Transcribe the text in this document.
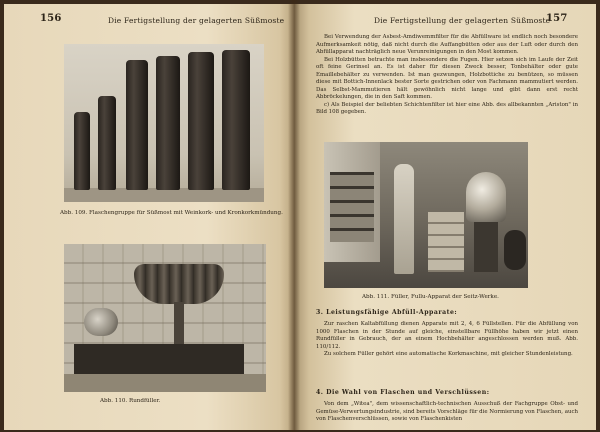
156	Die Fertigstellung der gelagerten Süßmoste
Abb. 109. Flaschengruppe für Süßmost mit Weinkork- und Kronkorkmündung.
Abb. 110. Rundfüller.
Die Fertigstellung der gelagerten Süßmoste
157

Bei Verwendung der Asbest-Amdiwemmfilter für die Abfüllware ist endlich noch besondere Aufmerksamkeit nötig, daß nicht durch die Auffangbütten oder aus der Luft oder durch den Abfüllapparat nachträglich neue Verunreinigungen in den Most kommen.

Bei Holzbütten betrachte man insbesondere die Fugen. Hier setzen sich im Laufe der Zeit oft feine Gerinsel an. Es ist daher für diesen Zweck besser, Tonbehälter oder gute Emaillebehälter zu verwenden. Ist man gezwungen, Holzbottiche zu benützen, so müssen diese mit Bottich-Innenlack bester Sorte gestrichen oder von Fachmann mammutiert werden. Das Selbst-Mammutieren hält gewöhnlich nicht lange und gibt dann erst recht Abbröckelungen, die in den Saft kommen.

c) Als Beispiel der beliebten Schichtenfilter ist hier eine Abb. des allbekannten „Ariston" in Bild 108 gegeben.

Abb. 111. Füller, Fullu-Apparat der Seitz-Werke.
3. Leistungsfähige Abfüll-Apparate:

Zur raschen Kaltabfüllung dienen Apparate mit 2, 4, 6 Füllstellen. Für die Abfüllung von 1000 Flaschen in der Stunde auf gleiche, einstellbare Füllhöhe haben wir jetzt einen Rundfüller in Gebrauch, der an einem Hochbehälter angeschlossen werden muß. Abb. 110/112.

Zu solchem Füller gehört eine automatische Korkmaschine, mit gleicher Stundenleistung.

4. Die Wahl von Flaschen und Verschlüssen:

Von dem „Witea", dem wissenschaftlich-technischen Ausschuß der Fachgruppe Obst- und Gemüse-Verwertungsindustrie, sind bereits Vorschläge für die Normierung von Flaschen, auch von Flaschenverschlüssen, sowie von Flaschenkisten
